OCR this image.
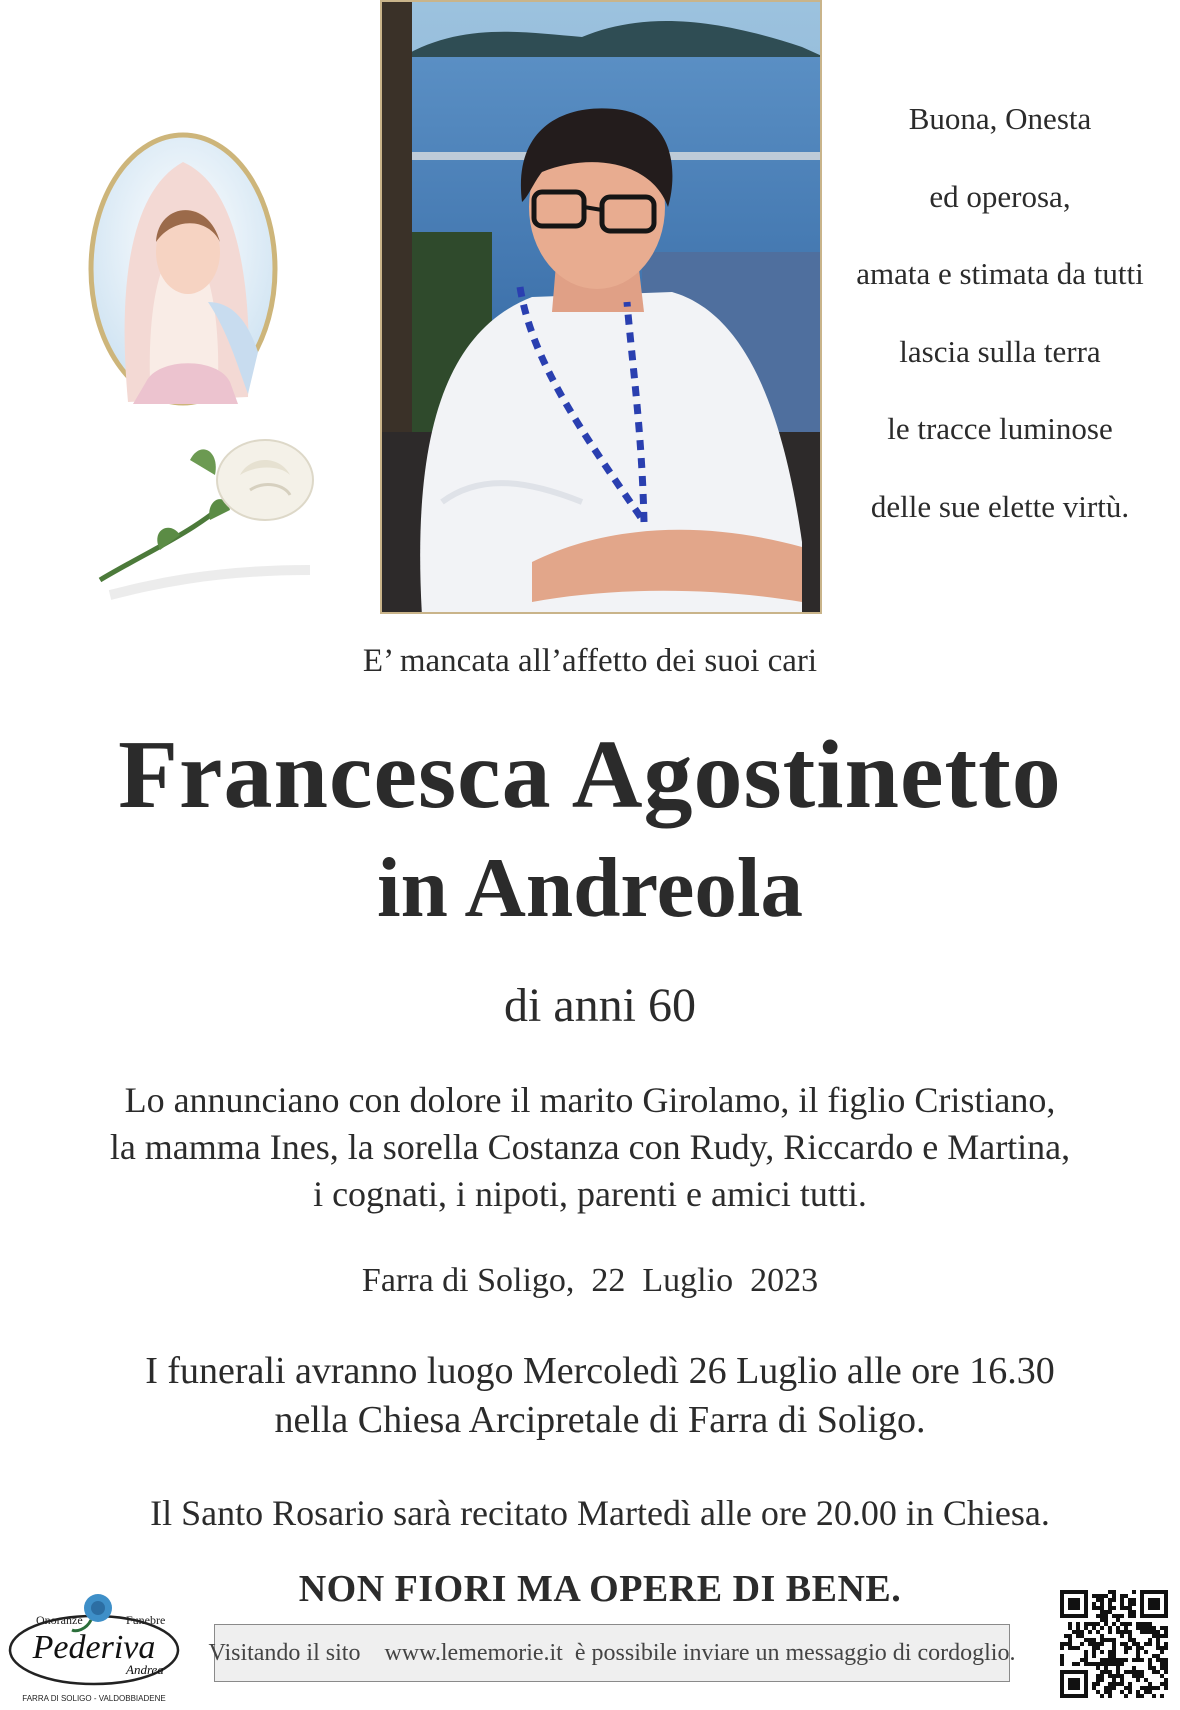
Buona, Onesta
ed operosa,
amata e stimata da tutti
lascia sulla terra
le tracce luminose
delle sue elette virtù.
E’ mancata all’affetto dei suoi cari
Francesca Agostinetto
in Andreola
di anni 60
Lo annunciano con dolore il marito Girolamo, il figlio Cristiano,
la mamma Ines, la sorella Costanza con Rudy, Riccardo e Martina,
i cognati, i nipoti, parenti e amici tutti.
Farra di Soligo,  22  Luglio  2023
I funerali avranno luogo Mercoledì 26 Luglio alle ore 16.30
nella Chiesa Arcipretale di Farra di Soligo.
Il Santo Rosario sarà recitato Martedì alle ore 20.00 in Chiesa.
NON FIORI MA OPERE DI BENE.
Visitando il sito
www.lememorie.it
è possibile inviare un messaggio di cordoglio.
Onoranze	Funebre
Pederiva
Andrea
FARRA DI SOLIGO - VALDOBBIADENE
